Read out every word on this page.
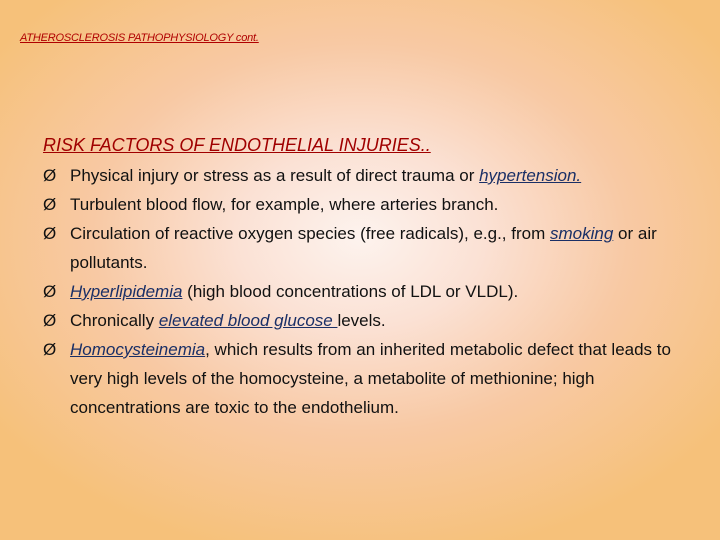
ATHEROSCLEROSIS PATHOPHYSIOLOGY cont.
RISK FACTORS OF ENDOTHELIAL INJURIES..
Ø Physical injury or stress as a result of direct trauma or hypertension.
Ø Turbulent blood flow, for example, where arteries branch.
Ø Circulation of reactive oxygen species (free radicals), e.g., from smoking or air pollutants.
Ø Hyperlipidemia (high blood concentrations of LDL or VLDL).
Ø Chronically elevated blood glucose levels.
Ø Homocysteinemia, which results from an inherited metabolic defect that leads to very high levels of the homocysteine, a metabolite of methionine; high concentrations are toxic to the endothelium.
